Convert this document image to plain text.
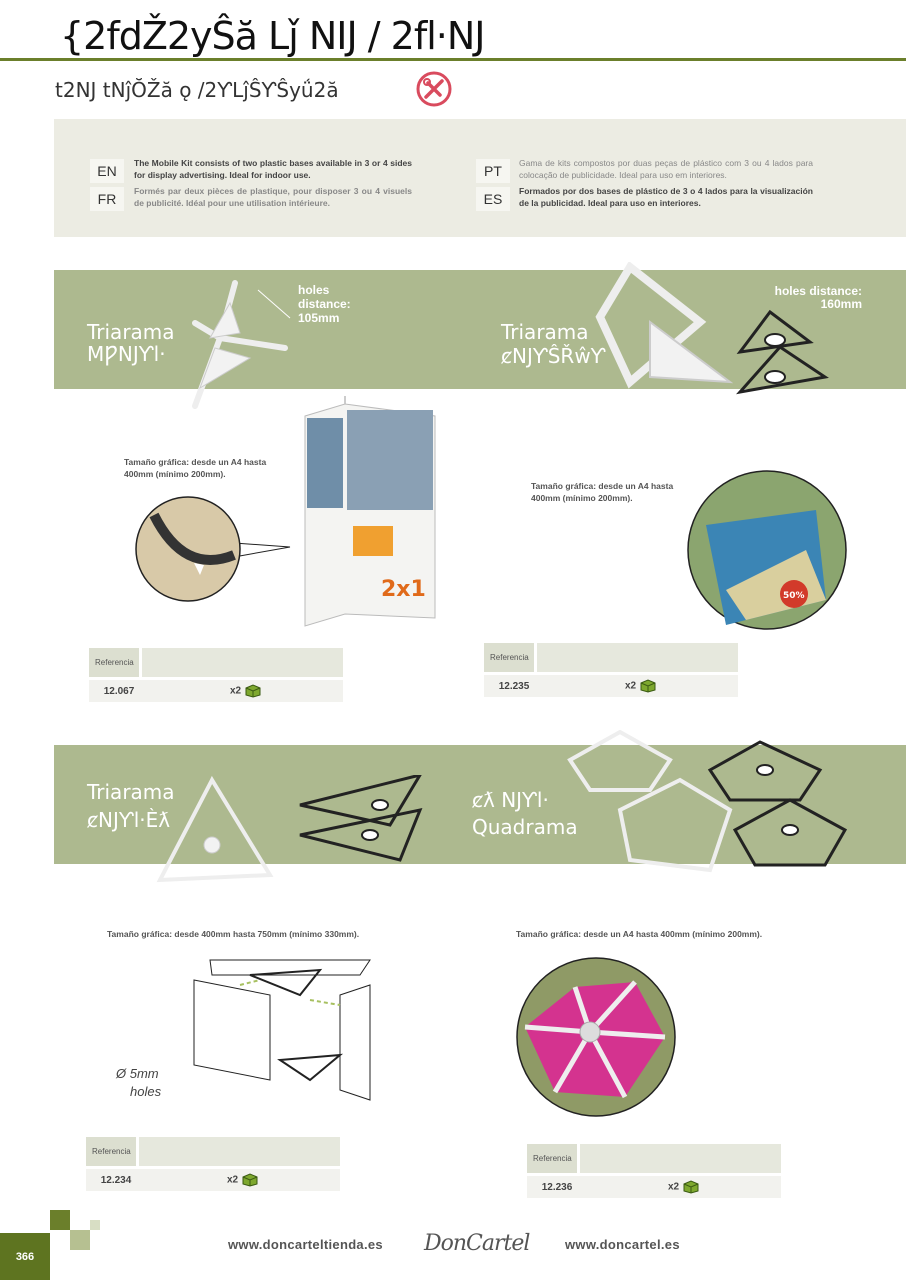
{2fdŽ2yŜă Lǰ NIJ / 2fl·NJ
t2NJ tNĵŎŽă ǫ /2ƳLĵŜƳŜyǘ2ă
EN	The Mobile Kit consists of two plastic bases available in 3 or 4 sides for display advertising. Ideal for indoor use.
FR	Formés par deux pièces de plastique, pour disposer 3 ou 4 visuels de publicité. Idéal pour une utilisation intérieure.
PT	Gama de kits compostos por duas peças de plástico com 3 ou 4 lados para colocação de publicidade. Ideal para uso em interiores.
ES	Formados por dos bases de plástico de 3 o 4 lados para la visualización de la publicidad. Ideal para uso en interiores.
Triarama
MǷNJƳl·
holes distance: 105mm
Triarama
ȼNJƳŜŘŵƳ
holes distance: 160mm
Tamaño gráfica: desde un A4 hasta 400mm (mínimo 200mm).
2x1
Referencia
12.067	x2
Tamaño gráfica: desde un A4 hasta 400mm (mínimo 200mm).
50%
Referencia
12.235	x2
Triarama
ȼNJƳl·Èƛ
ȼƛ NJƳl·
Quadrama
Tamaño gráfica: desde 400mm hasta 750mm (mínimo 330mm).
Ø 5mm
holes
Referencia
12.234	x2
Tamaño gráfica: desde un A4 hasta 400mm (mínimo 200mm).
Referencia
12.236	x2
366
www.doncarteltienda.es DonCartel	www.doncartel.es
